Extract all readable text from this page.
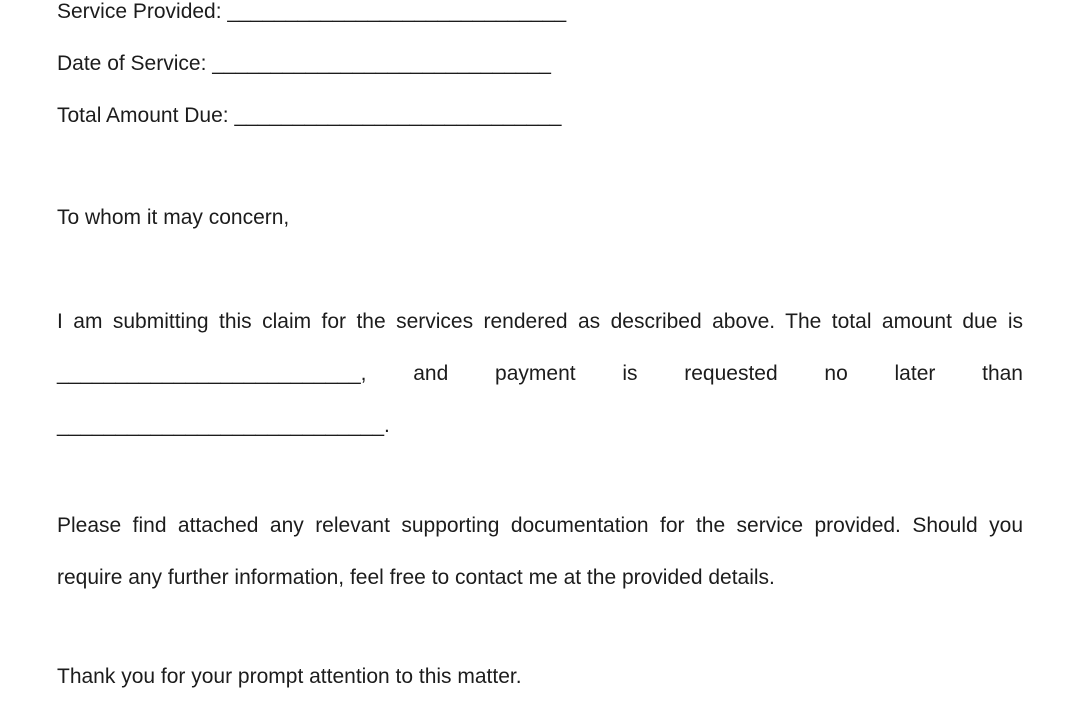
Service Provided: _____________________________
Date of Service: _____________________________
Total Amount Due: ____________________________
To whom it may concern,
I am submitting this claim for the services rendered as described above. The total amount due is
__________________________, and payment is requested no later than
____________________________.
Please find attached any relevant supporting documentation for the service provided. Should you
require any further information, feel free to contact me at the provided details.
Thank you for your prompt attention to this matter.
